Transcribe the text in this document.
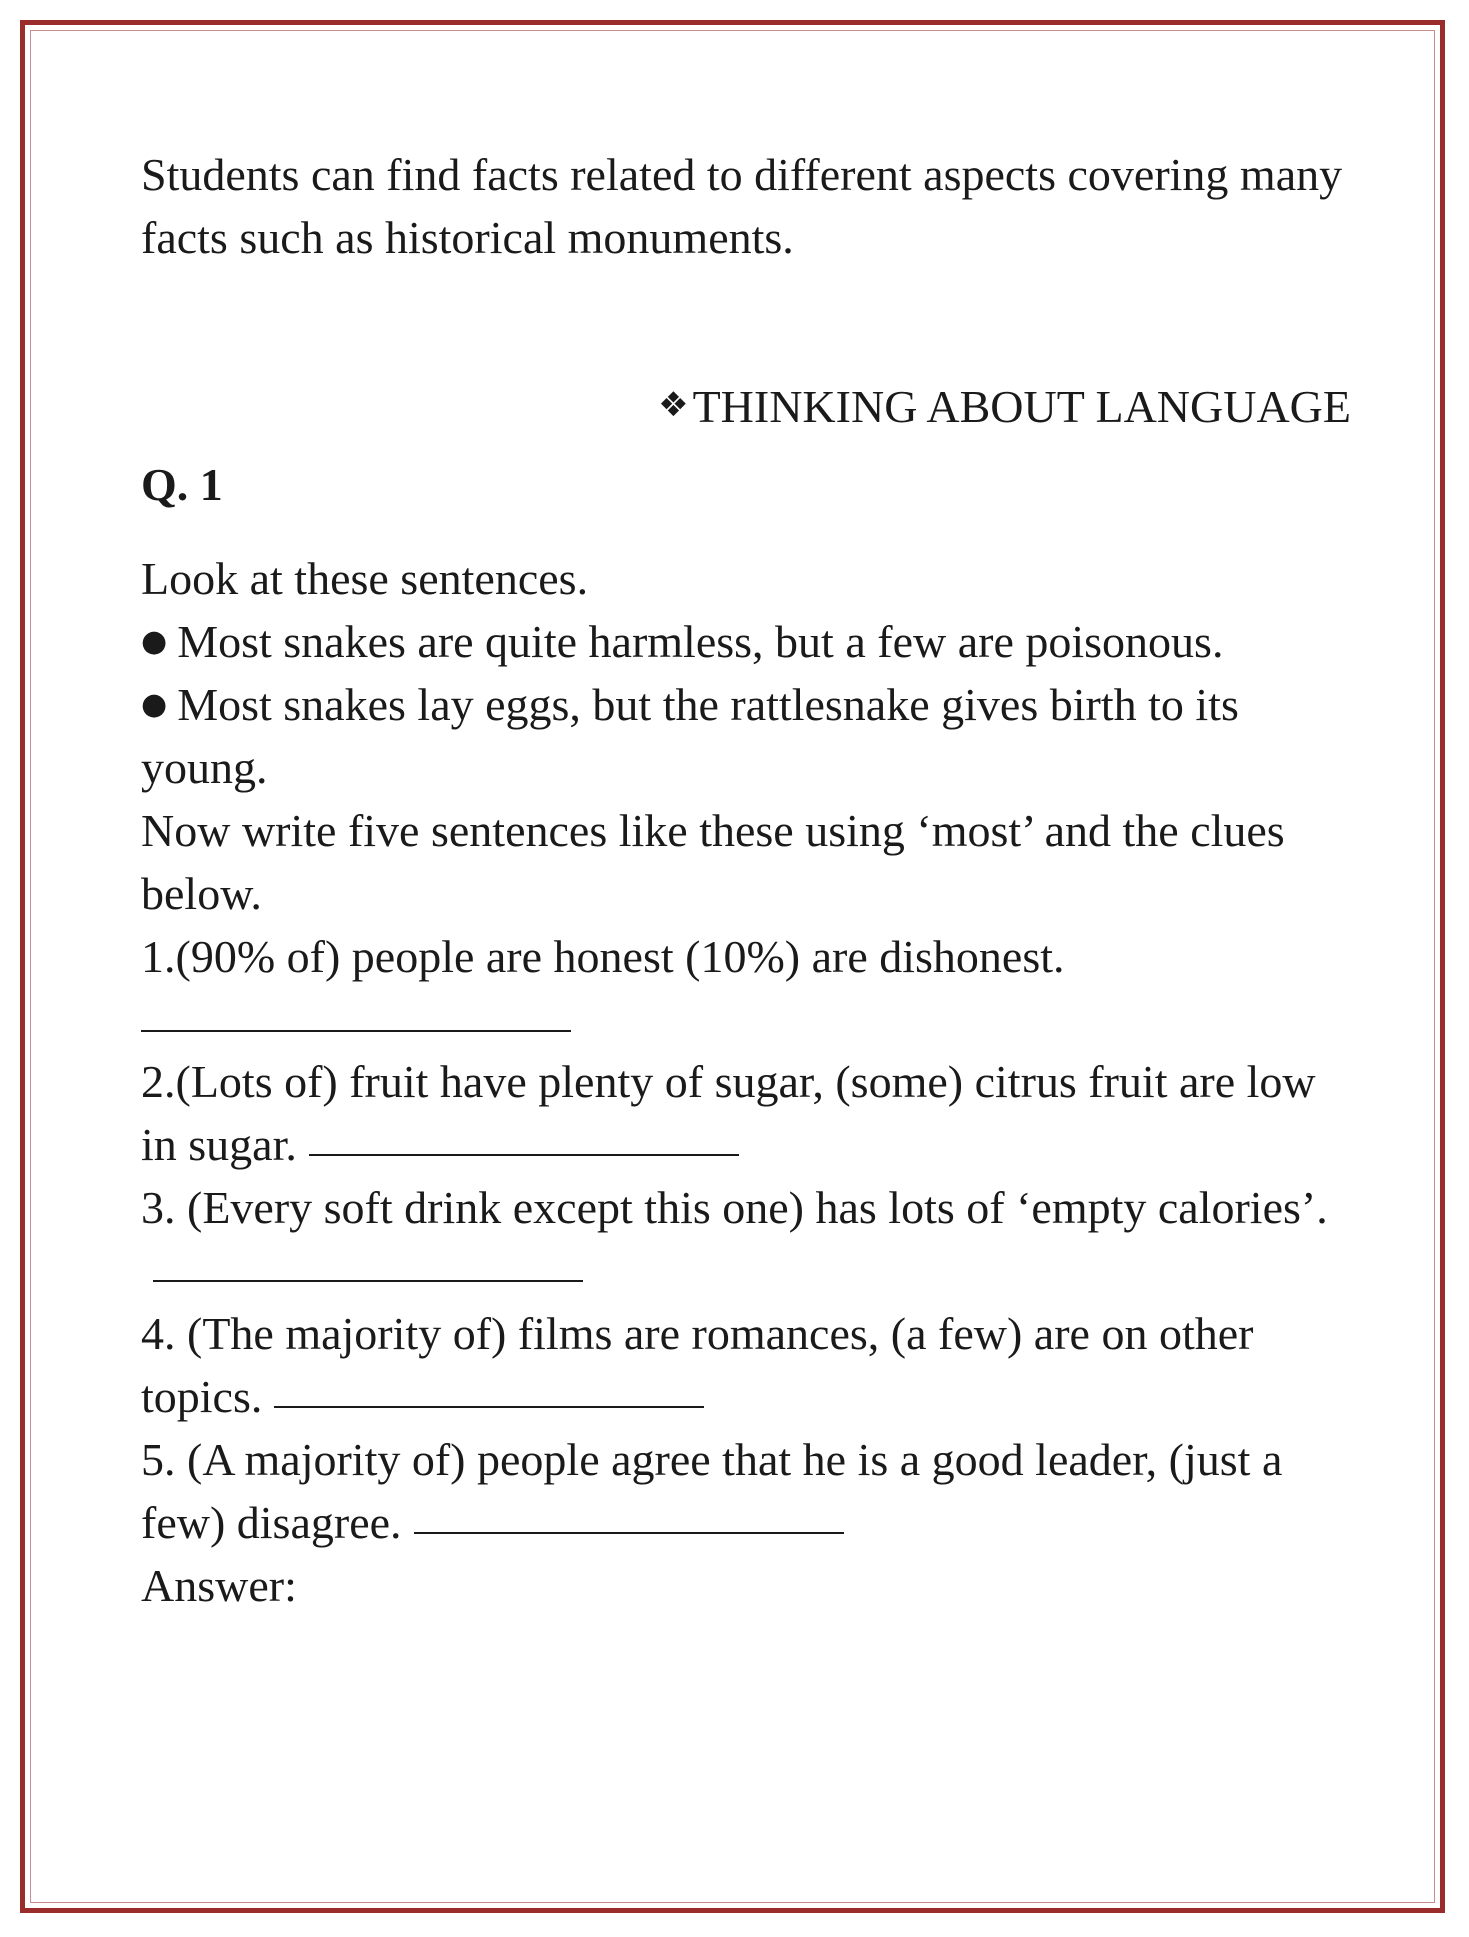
Students can find facts related to different aspects covering many facts such as historical monuments.

❖THINKING ABOUT LANGUAGE

Q. 1

Look at these sentences.

● Most snakes are quite harmless, but a few are poisonous.

● Most snakes lay eggs, but the rattlesnake gives birth to its young.

Now write five sentences like these using ‘most’ and the clues below.

1.(90% of) people are honest (10%) are dishonest.

2.(Lots of) fruit have plenty of sugar, (some) citrus fruit are low in sugar.

3. (Every soft drink except this one) has lots of ‘empty calories’.

4. (The majority of) films are romances, (a few) are on other topics.

5. (A majority of) people agree that he is a good leader, (just a few) disagree.

Answer:
